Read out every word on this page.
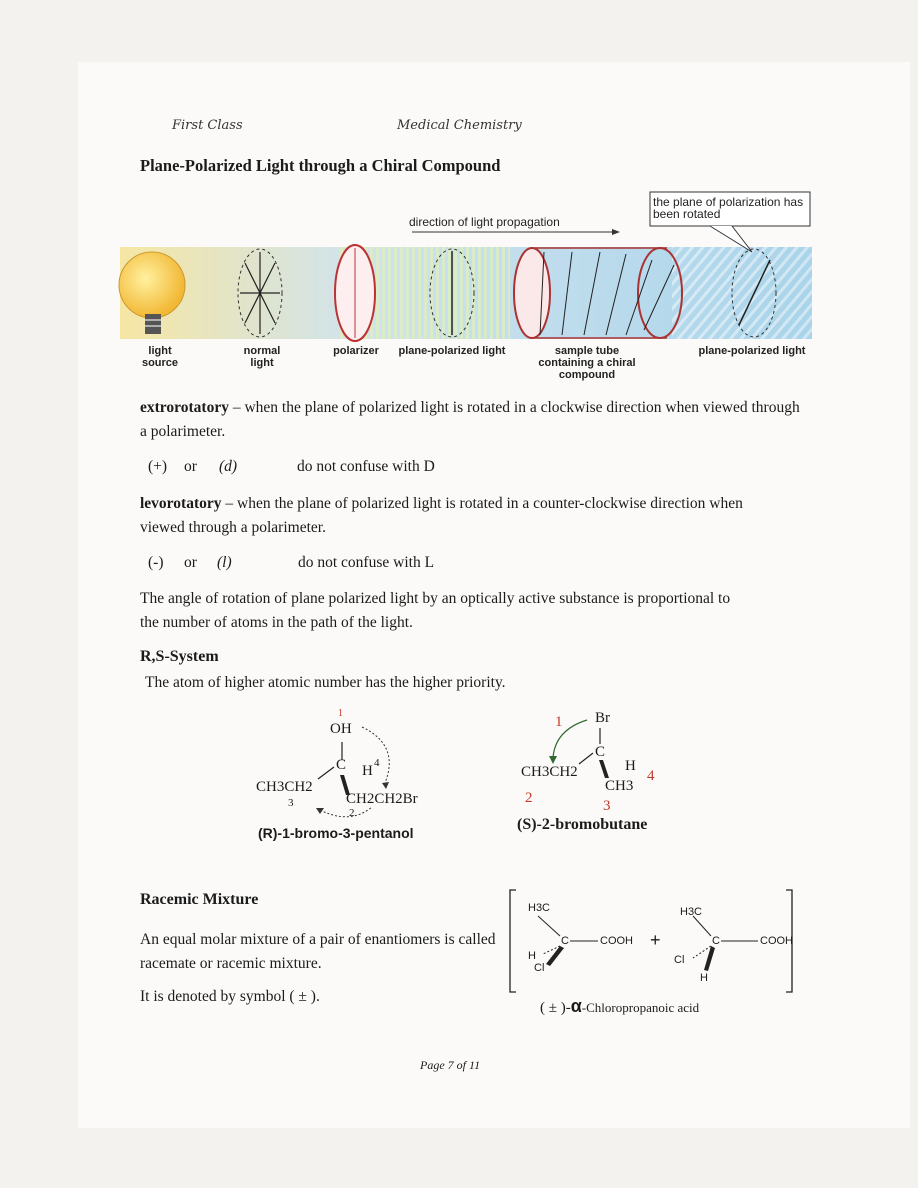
First Class	Medical Chemistry
Plane-Polarized Light through a Chiral Compound
direction of light propagation
the plane of polarization has been rotated
light source
normal light
polarizer	plane-polarized light	sample tube containing a chiral compound
plane-polarized light
extrorotatory – when the plane of polarized light is rotated in a clockwise direction when viewed through a polarimeter.
(+) or (d)	do not confuse with D
levorotatory – when the plane of polarized light is rotated in a counter-clockwise direction when viewed through a polarimeter.
(-) or (l)	do not confuse with L
The angle of rotation of plane polarized light by an optically active substance is proportional to the number of atoms in the path of the light.
R,S-System
The atom of higher atomic number has the higher priority.
1
OH
C H 4
CH3CH2
3	CH2CH2Br
2
(R)-1-bromo-3-pentanol
1 Br
C
CH3CH2	H
4
CH3
2	3
(S)-2-bromobutane
Racemic Mixture
An equal molar mixture of a pair of enantiomers is called racemate or racemic mixture.
It is denoted by symbol ( ± ).
H3C
C	COOH
H
Cl
+
H3C
C	COOH
Cl
H
( ± )-α-Chloropropanoic acid
Page 7 of 11
